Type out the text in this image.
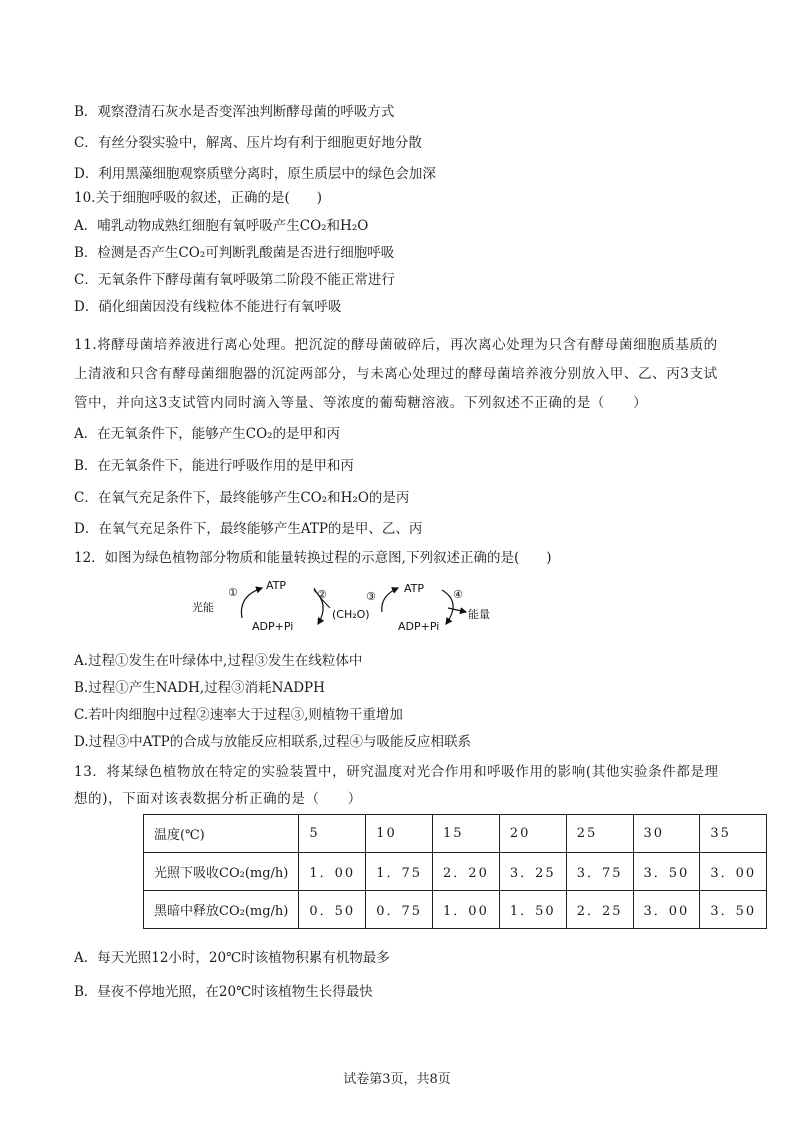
B．观察澄清石灰水是否变浑浊判断酵母菌的呼吸方式
C．有丝分裂实验中，解离、压片均有利于细胞更好地分散
D．利用黑藻细胞观察质壁分离时，原生质层中的绿色会加深
10.关于细胞呼吸的叙述，正确的是(　　)
A．哺乳动物成熟红细胞有氧呼吸产生CO₂和H₂O
B．检测是否产生CO₂可判断乳酸菌是否进行细胞呼吸
C．无氧条件下酵母菌有氧呼吸第二阶段不能正常进行
D．硝化细菌因没有线粒体不能进行有氧呼吸
11.将酵母菌培养液进行离心处理。把沉淀的酵母菌破碎后，再次离心处理为只含有酵母菌细胞质基质的上清液和只含有酵母菌细胞器的沉淀两部分，与未离心处理过的酵母菌培养液分别放入甲、乙、丙3支试管中，并向这3支试管内同时滴入等量、等浓度的葡萄糖溶液。下列叙述不正确的是（　　）
A．在无氧条件下，能够产生CO₂的是甲和丙
B．在无氧条件下，能进行呼吸作用的是甲和丙
C．在氧气充足条件下，最终能够产生CO₂和H₂O的是丙
D．在氧气充足条件下，最终能够产生ATP的是甲、乙、丙
12．如图为绿色植物部分物质和能量转换过程的示意图,下列叙述正确的是(　　)
光能
①
ATP
ADP+Pi
②
(CH₂O)
③
ATP
ADP+Pi
④
能量
A.过程①发生在叶绿体中,过程③发生在线粒体中
B.过程①产生NADH,过程③消耗NADPH
C.若叶肉细胞中过程②速率大于过程③,则植物干重增加
D.过程③中ATP的合成与放能反应相联系,过程④与吸能反应相联系
13．将某绿色植物放在特定的实验装置中，研究温度对光合作用和呼吸作用的影响(其他实验条件都是理想的)，下面对该表数据分析正确的是（　　）
温度(℃)	5	10	15	20	25	30	35
光照下吸收CO₂(mg/h)	1．00	1．75	2．20	3．25	3．75	3．50	3．00
黑暗中释放CO₂(mg/h)	0．50	0．75	1．00	1．50	2．25	3．00	3．50
A．每天光照12小时，20℃时该植物积累有机物最多
B．昼夜不停地光照，在20℃时该植物生长得最快
试卷第3页，共8页
